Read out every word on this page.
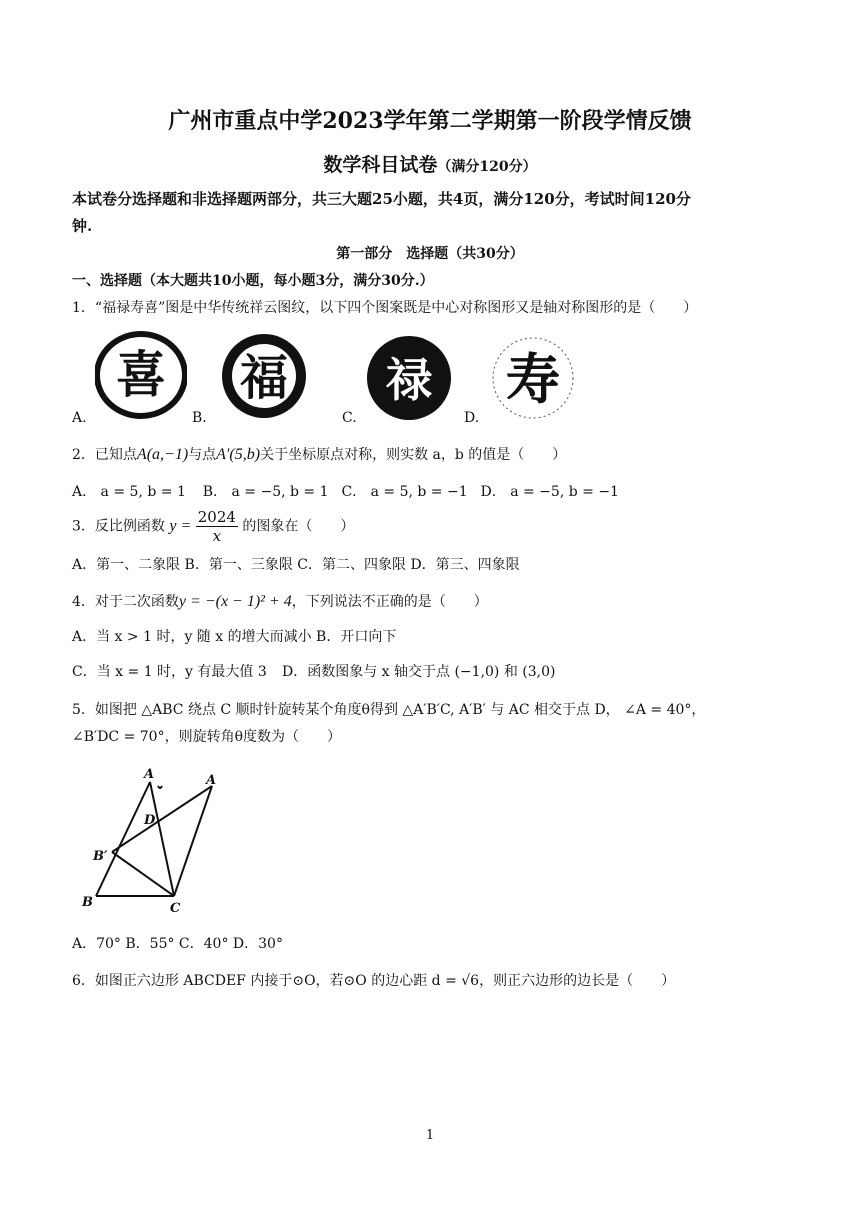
广州市重点中学2023学年第二学期第一阶段学情反馈
数学科目试卷（满分120分）
本试卷分选择题和非选择题两部分，共三大题25小题，共4页，满分120分，考试时间120分
钟.
第一部分　选择题（共30分）
一、选择题（本大题共10小题，每小题3分，满分30分.）
1．“福禄寿喜”图是中华传统祥云图纹，以下四个图案既是中心对称图形又是轴对称图形的是（　　）
喜 福 禄 寿
A.	B.	C.	D.
2．已知点A(a,−1)与点A′(5,b)关于坐标原点对称，则实数 a，b 的值是（　　）
A． a = 5, b = 1 B． a = −5, b = 1 C． a = 5, b = −1 D． a = −5, b = −1
3．反比例函数 $y = \frac{2024}{x}$ 的图象在（　　）
A．第一、二象限 B．第一、三象限 C．第二、四象限 D．第三、四象限
4．对于二次函数y = −(x − 1)² + 4，下列说法不正确的是（　　）
A．当 x > 1 时，y 随 x 的增大而减小 B．开口向下
C．当 x = 1 时，y 有最大值 3 D．函数图象与 x 轴交于点 (−1,0) 和 (3,0)
5．如图把 △ABC 绕点 C 顺时针旋转某个角度θ得到 △A′B′C, A′B′ 与 AC 相交于点 D， ∠A = 40°，
∠B′DC = 70°，则旋转角θ度数为（　　）
A	A
D
B′
B	C
A．70° B．55° C．40° D．30°
6．如图正六边形 ABCDEF 内接于⊙O，若⊙O 的边心距 d = √6，则正六边形的边长是（　　）
1
